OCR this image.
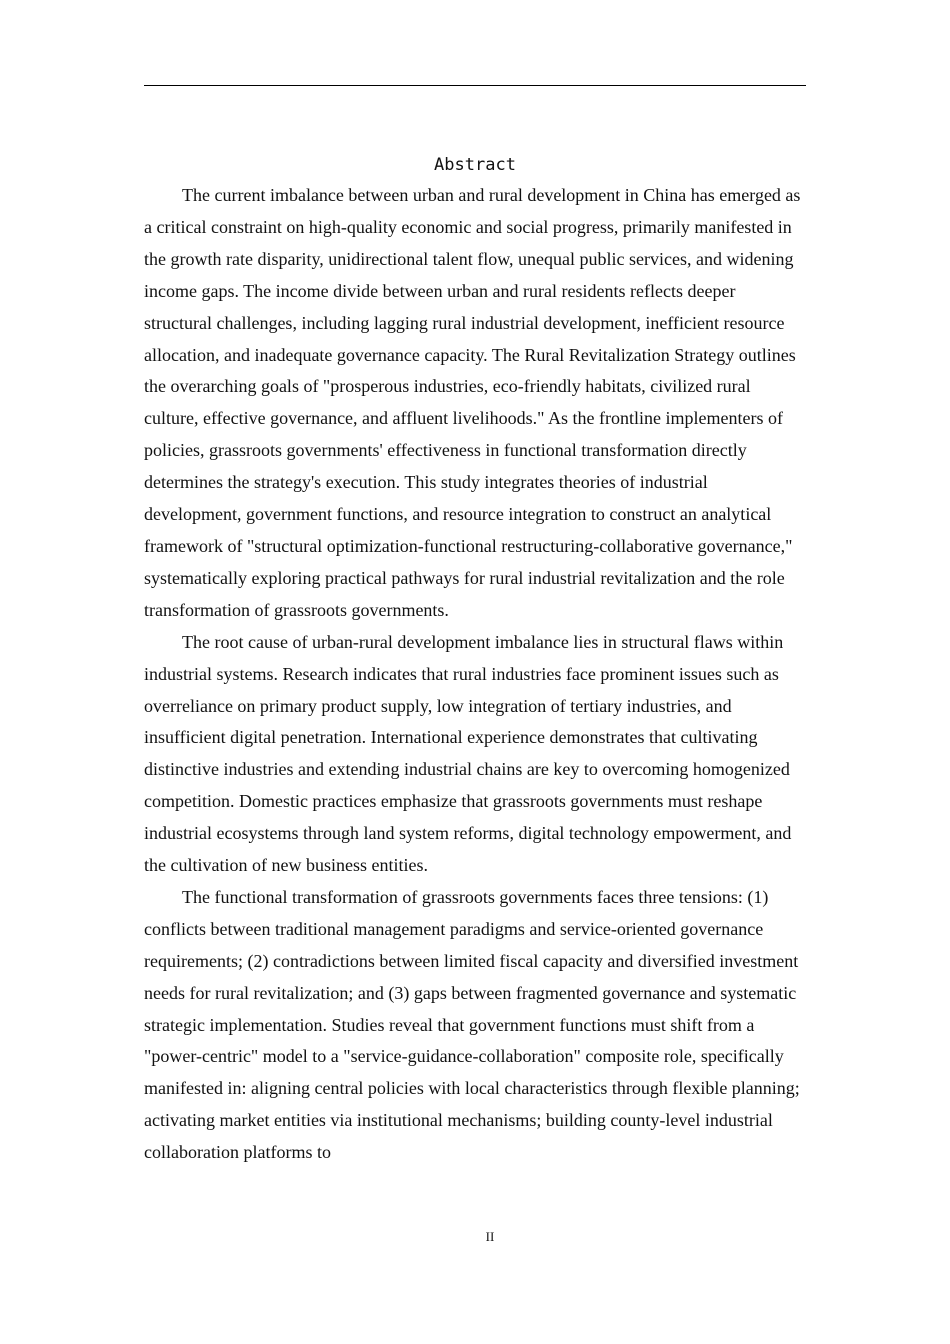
Abstract

The current imbalance between urban and rural development in China has emerged as a critical constraint on high-quality economic and social progress, primarily manifested in the growth rate disparity, unidirectional talent flow, unequal public services, and widening income gaps. The income divide between urban and rural residents reflects deeper structural challenges, including lagging rural industrial development, inefficient resource allocation, and inadequate governance capacity. The Rural Revitalization Strategy outlines the overarching goals of "prosperous industries, eco-friendly habitats, civilized rural culture, effective governance, and affluent livelihoods." As the frontline implementers of policies, grassroots governments' effectiveness in functional transformation directly determines the strategy's execution. This study integrates theories of industrial development, government functions, and resource integration to construct an analytical framework of "structural optimization-functional restructuring-collaborative governance," systematically exploring practical pathways for rural industrial revitalization and the role transformation of grassroots governments.

The root cause of urban-rural development imbalance lies in structural flaws within industrial systems. Research indicates that rural industries face prominent issues such as overreliance on primary product supply, low integration of tertiary industries, and insufficient digital penetration. International experience demonstrates that cultivating distinctive industries and extending industrial chains are key to overcoming homogenized competition. Domestic practices emphasize that grassroots governments must reshape industrial ecosystems through land system reforms, digital technology empowerment, and the cultivation of new business entities.

The functional transformation of grassroots governments faces three tensions: (1) conflicts between traditional management paradigms and service-oriented governance requirements; (2) contradictions between limited fiscal capacity and diversified investment needs for rural revitalization; and (3) gaps between fragmented governance and systematic strategic implementation. Studies reveal that government functions must shift from a "power-centric" model to a "service-guidance-collaboration" composite role, specifically manifested in: aligning central policies with local characteristics through flexible planning; activating market entities via institutional mechanisms; building county-level industrial collaboration platforms to

II
